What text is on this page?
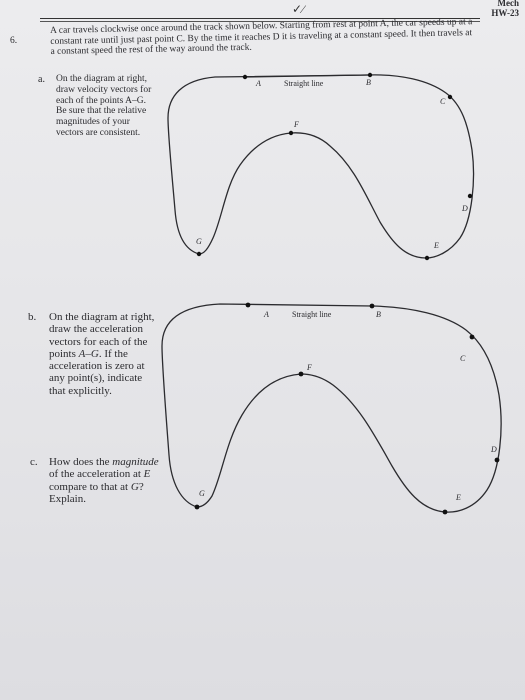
Mech
HW-23
✓⁄
6.
A car travels clockwise once around the track shown below. Starting from rest at point A, the car speeds up at a constant rate until just past point C. By the time it reaches D it is traveling at a constant speed. It then travels at a constant speed the rest of the way around the track.
a. On the diagram at right, draw velocity vectors for each of the points A–G. Be sure that the relative magnitudes of your vectors are consistent.
b. On the diagram at right, draw the acceleration vectors for each of the points A–G. If the acceleration is zero at any point(s), indicate that explicitly.
c. How does the magnitude of the acceleration at E compare to that at G? Explain.
A	Straight line	B
C
D
E
F
G
A	Straight line	B
C
D
E
F
G
